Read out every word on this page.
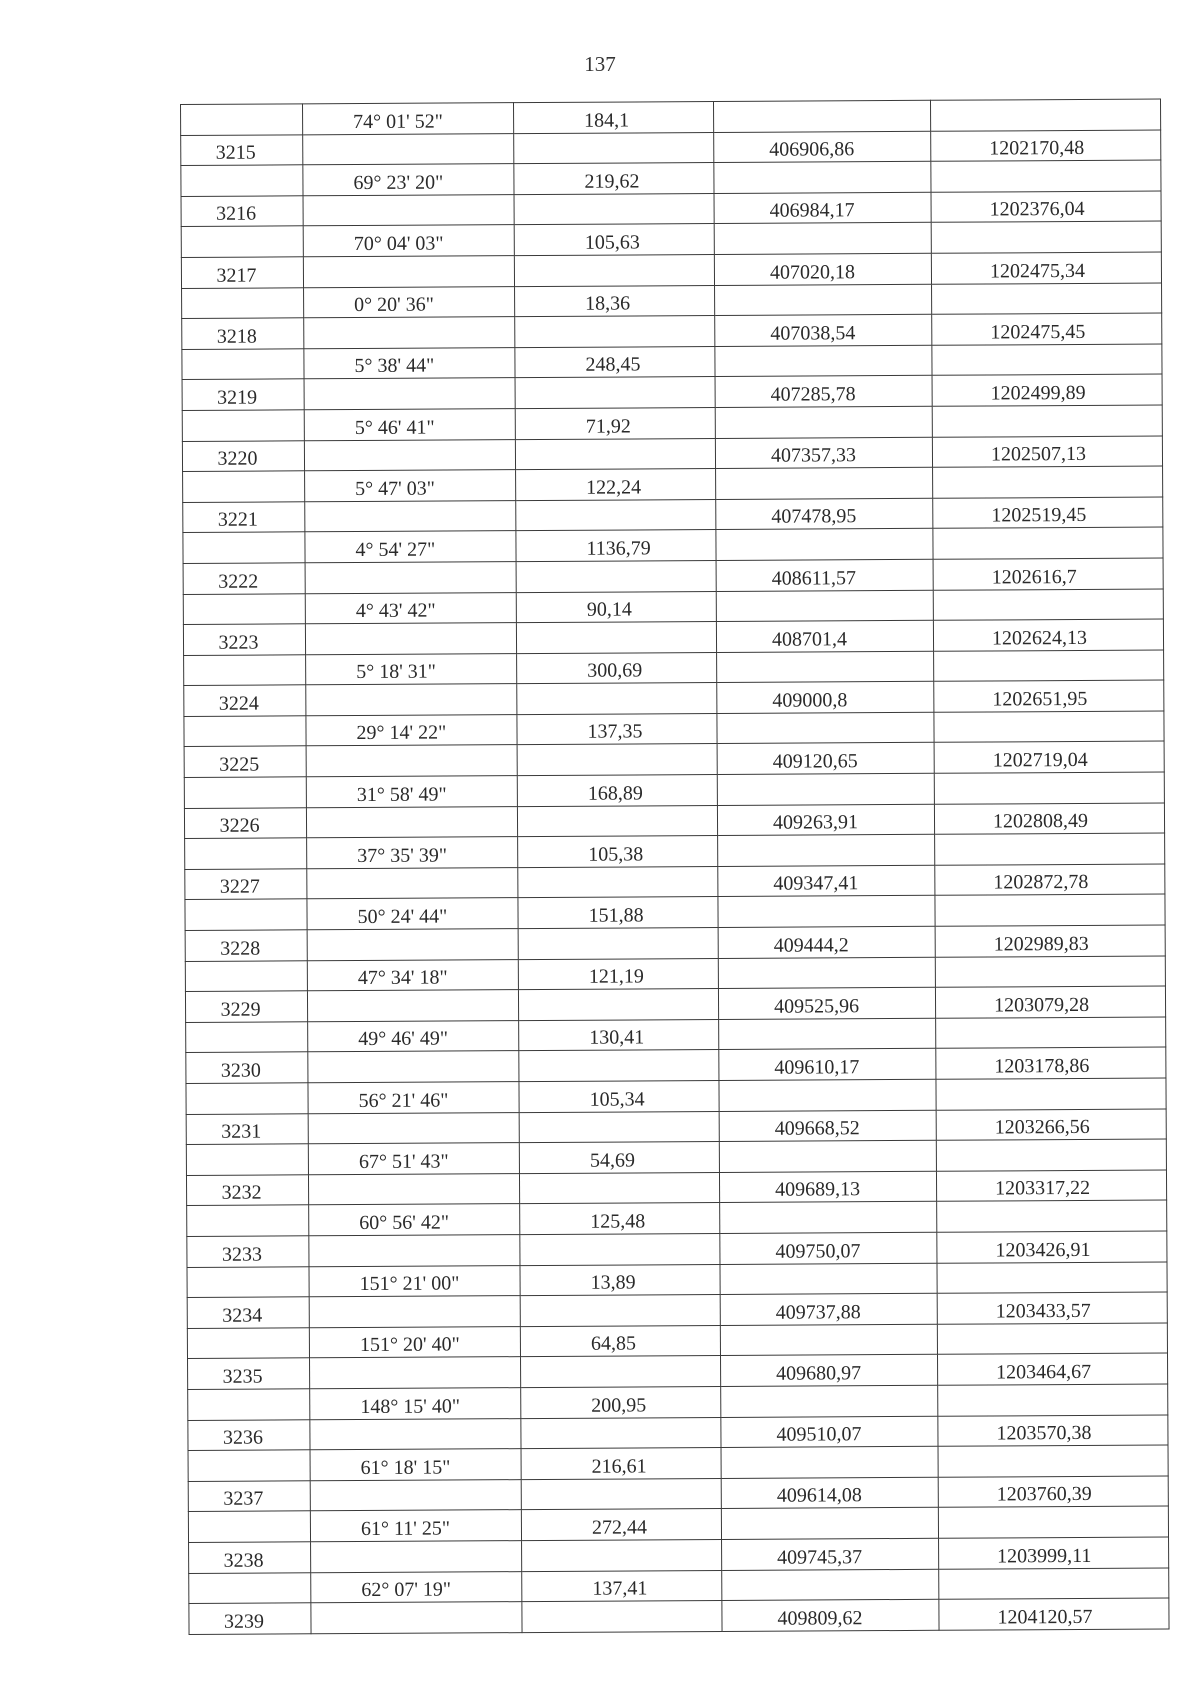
137
	74° 01' 52"	184,1		
3215			406906,86	1202170,48
	69° 23' 20"	219,62		
3216			406984,17	1202376,04
	70° 04' 03"	105,63		
3217			407020,18	1202475,34
	0° 20' 36"	18,36		
3218			407038,54	1202475,45
	5° 38' 44"	248,45		
3219			407285,78	1202499,89
	5° 46' 41"	71,92		
3220			407357,33	1202507,13
	5° 47' 03"	122,24		
3221			407478,95	1202519,45
	4° 54' 27"	1136,79		
3222			408611,57	1202616,7
	4° 43' 42"	90,14		
3223			408701,4	1202624,13
	5° 18' 31"	300,69		
3224			409000,8	1202651,95
	29° 14' 22"	137,35		
3225			409120,65	1202719,04
	31° 58' 49"	168,89		
3226			409263,91	1202808,49
	37° 35' 39"	105,38		
3227			409347,41	1202872,78
	50° 24' 44"	151,88		
3228			409444,2	1202989,83
	47° 34' 18"	121,19		
3229			409525,96	1203079,28
	49° 46' 49"	130,41		
3230			409610,17	1203178,86
	56° 21' 46"	105,34		
3231			409668,52	1203266,56
	67° 51' 43"	54,69		
3232			409689,13	1203317,22
	60° 56' 42"	125,48		
3233			409750,07	1203426,91
	151° 21' 00"	13,89		
3234			409737,88	1203433,57
	151° 20' 40"	64,85		
3235			409680,97	1203464,67
	148° 15' 40"	200,95		
3236			409510,07	1203570,38
	61° 18' 15"	216,61		
3237			409614,08	1203760,39
	61° 11' 25"	272,44		
3238			409745,37	1203999,11
	62° 07' 19"	137,41		
3239			409809,62	1204120,57
